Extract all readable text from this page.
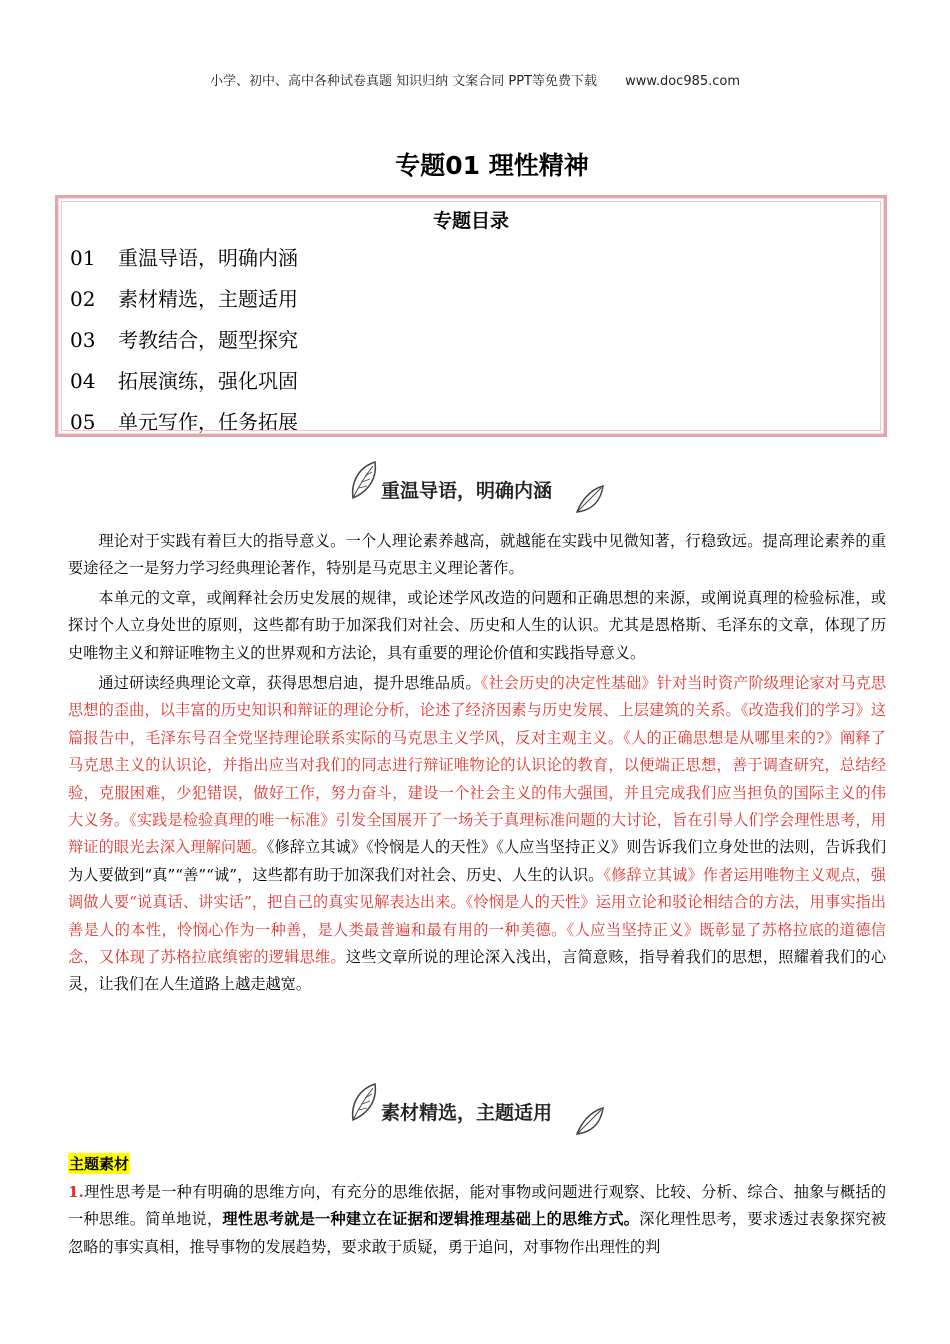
小学、初中、高中各种试卷真题 知识归纳 文案合同 PPT等免费下载 www.doc985.com
专题01 理性精神
专题目录
01 重温导语，明确内涵
02 素材精选，主题适用
03 考教结合，题型探究
04 拓展演练，强化巩固
05 单元写作，任务拓展
重温导语，明确内涵

理论对于实践有着巨大的指导意义。一个人理论素养越高，就越能在实践中见微知著，行稳致远。提高理论素养的重要途径之一是努力学习经典理论著作，特别是马克思主义理论著作。

本单元的文章，或阐释社会历史发展的规律，或论述学风改造的问题和正确思想的来源，或阐说真理的检验标准，或探讨个人立身处世的原则，这些都有助于加深我们对社会、历史和人生的认识。尤其是恩格斯、毛泽东的文章，体现了历史唯物主义和辩证唯物主义的世界观和方法论，具有重要的理论价值和实践指导意义。

通过研读经典理论文章，获得思想启迪，提升思维品质。《社会历史的决定性基础》针对当时资产阶级理论家对马克思思想的歪曲，以丰富的历史知识和辩证的理论分析，论述了经济因素与历史发展、上层建筑的关系。《改造我们的学习》这篇报告中，毛泽东号召全党坚持理论联系实际的马克思主义学风，反对主观主义。《人的正确思想是从哪里来的?》阐释了马克思主义的认识论，并指出应当对我们的同志进行辩证唯物论的认识论的教育，以便端正思想，善于调查研究，总结经验，克服困难，少犯错误，做好工作，努力奋斗，建设一个社会主义的伟大强国，并且完成我们应当担负的国际主义的伟大义务。《实践是检验真理的唯一标准》引发全国展开了一场关于真理标准问题的大讨论，旨在引导人们学会理性思考，用辩证的眼光去深入理解问题。《修辞立其诚》《怜悯是人的天性》《人应当坚持正义》则告诉我们立身处世的法则，告诉我们为人要做到“真”“善”“诚”，这些都有助于加深我们对社会、历史、人生的认识。《修辞立其诚》作者运用唯物主义观点，强调做人要“说真话、讲实话”，把自己的真实见解表达出来。《怜悯是人的天性》运用立论和驳论相结合的方法，用事实指出善是人的本性，怜悯心作为一种善，是人类最普遍和最有用的一种美德。《人应当坚持正义》既彰显了苏格拉底的道德信念，又体现了苏格拉底缜密的逻辑思维。这些文章所说的理论深入浅出，言简意赅，指导着我们的思想，照耀着我们的心灵，让我们在人生道路上越走越宽。

素材精选，主题适用
主题素材

1.理性思考是一种有明确的思维方向，有充分的思维依据，能对事物或问题进行观察、比较、分析、综合、抽象与概括的一种思维。简单地说，理性思考就是一种建立在证据和逻辑推理基础上的思维方式。深化理性思考，要求透过表象探究被忽略的事实真相，推导事物的发展趋势，要求敢于质疑，勇于追问，对事物作出理性的判
